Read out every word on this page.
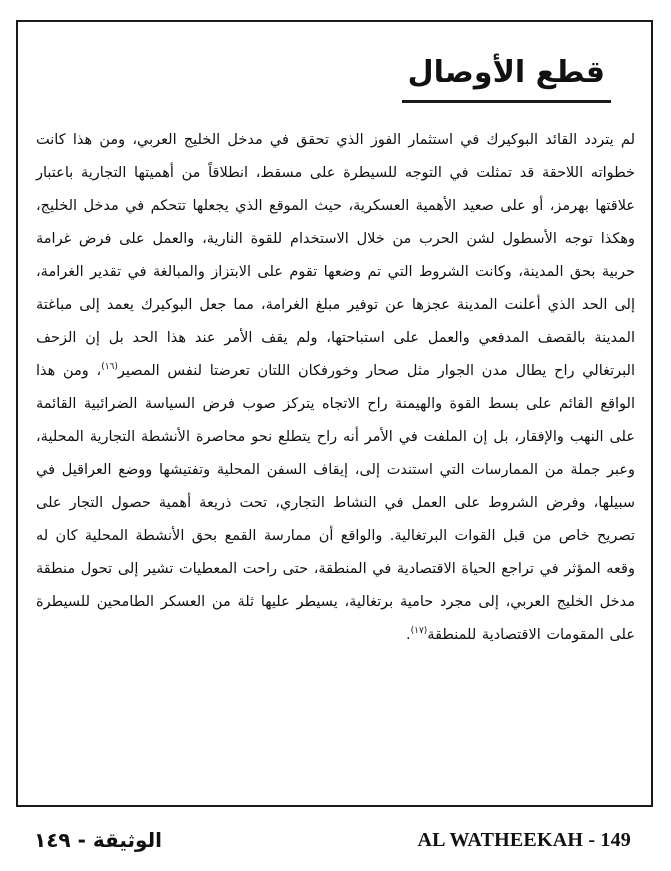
قطع الأوصال
لم يتردد القائد البوكيرك في استثمار الفوز الذي تحقق في مدخل الخليج العربي، ومن هذا كانت خطواته اللاحقة قد تمثلت في التوجه للسيطرة على مسقط، انطلاقاً من أهميتها التجارية باعتبار علاقتها بهرمز، أو على صعيد الأهمية العسكرية، حيث الموقع الذي يجعلها تتحكم في مدخل الخليج، وهكذا توجه الأسطول لشن الحرب من خلال الاستخدام للقوة النارية، والعمل على فرض غرامة حربية بحق المدينة، وكانت الشروط التي تم وضعها تقوم على الابتزاز والمبالغة في تقدير الغرامة، إلى الحد الذي أعلنت المدينة عجزها عن توفير مبلغ الغرامة، مما جعل البوكيرك يعمد إلى مباغتة المدينة بالقصف المدفعي والعمل على استباحتها، ولم يقف الأمر عند هذا الحد بل إن الزحف البرتغالي راح يطال مدن الجوار مثل صحار وخورفكان اللتان تعرضتا لنفس المصير$^{(١٦)}$، ومن هذا الواقع القائم على بسط القوة والهيمنة راح الاتجاه يتركز صوب فرض السياسة الضرائبية القائمة على النهب والإفقار، بل إن الملفت في الأمر أنه راح يتطلع نحو محاصرة الأنشطة التجارية المحلية، وعبر جملة من الممارسات التي استندت إلى، إيقاف السفن المحلية وتفتيشها ووضع العراقيل في سبيلها، وفرض الشروط على العمل في النشاط التجاري، تحت ذريعة أهمية حصول التجار على تصريح خاص من قبل القوات البرتغالية. والواقع أن ممارسة القمع بحق الأنشطة المحلية كان له وقعه المؤثر في تراجع الحياة الاقتصادية في المنطقة، حتى راحت المعطيات تشير إلى تحول منطقة مدخل الخليج العربي، إلى مجرد حامية برتغالية، يسيطر عليها ثلة من العسكر الطامحين للسيطرة على المقومات الاقتصادية للمنطقة$^{(١٧)}$.
الوثيقة - ١٤٩	AL WATHEEKAH - 149
